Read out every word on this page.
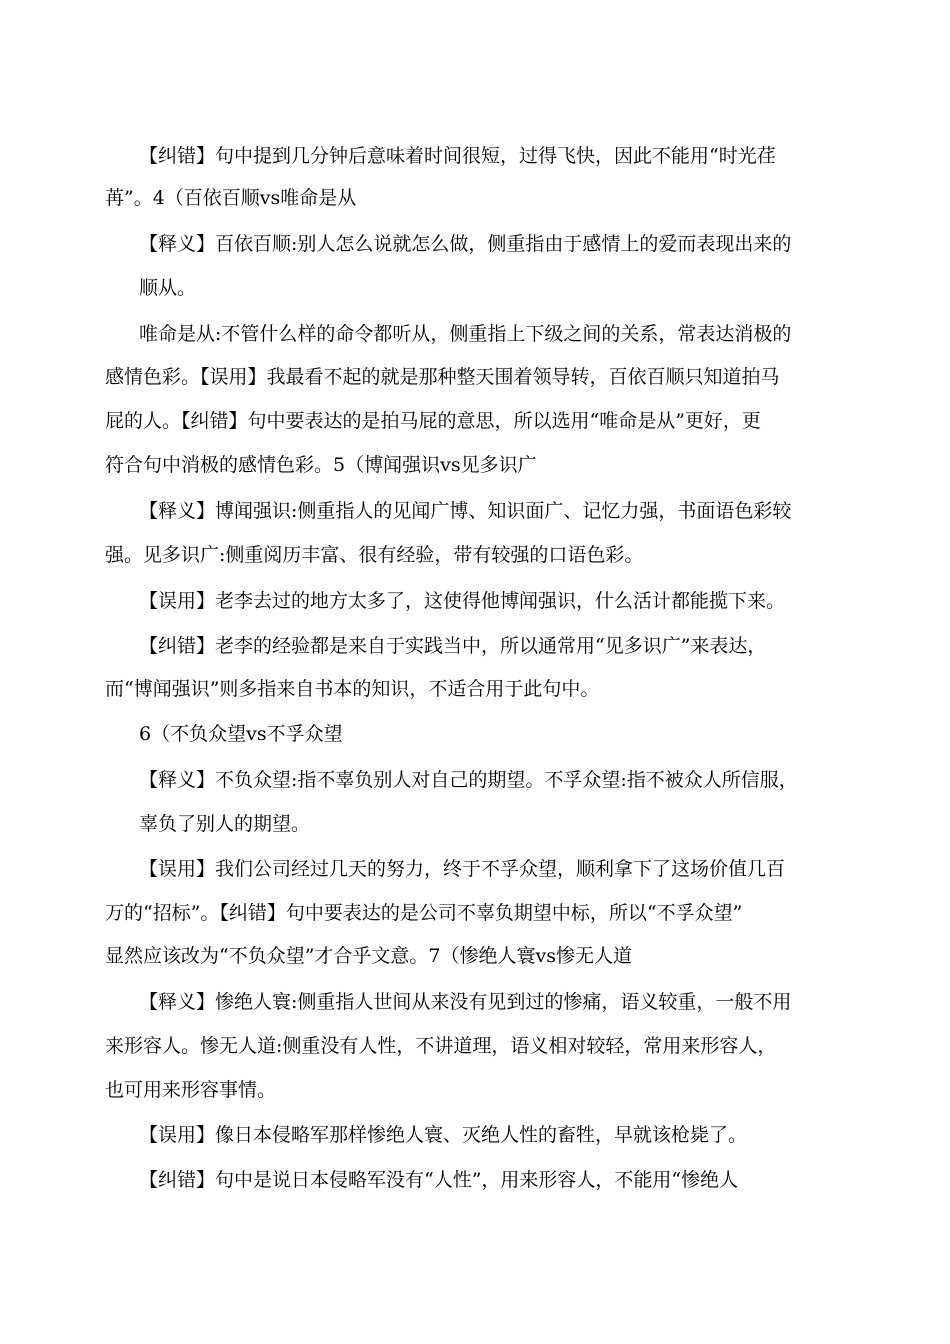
【纠错】句中提到几分钟后意味着时间很短，过得飞快，因此不能用“时光荏
苒”。4（百依百顺vs唯命是从
【释义】百依百顺:别人怎么说就怎么做，侧重指由于感情上的爱而表现出来的
顺从。
唯命是从:不管什么样的命令都听从，侧重指上下级之间的关系，常表达消极的
感情色彩。【误用】我最看不起的就是那种整天围着领导转，百依百顺只知道拍马
屁的人。【纠错】句中要表达的是拍马屁的意思，所以选用“唯命是从”更好，更
符合句中消极的感情色彩。5（博闻强识vs见多识广
【释义】博闻强识:侧重指人的见闻广博、知识面广、记忆力强，书面语色彩较
强。见多识广:侧重阅历丰富、很有经验，带有较强的口语色彩。
【误用】老李去过的地方太多了，这使得他博闻强识，什么活计都能揽下来。
【纠错】老李的经验都是来自于实践当中，所以通常用“见多识广”来表达，
而“博闻强识”则多指来自书本的知识，不适合用于此句中。
6（不负众望vs不孚众望
【释义】不负众望:指不辜负别人对自己的期望。不孚众望:指不被众人所信服，
辜负了别人的期望。
【误用】我们公司经过几天的努力，终于不孚众望，顺利拿下了这场价值几百
万的“招标”。【纠错】句中要表达的是公司不辜负期望中标，所以“不孚众望”
显然应该改为“不负众望”才合乎文意。7（惨绝人寰vs惨无人道
【释义】惨绝人寰:侧重指人世间从来没有见到过的惨痛，语义较重，一般不用
来形容人。惨无人道:侧重没有人性，不讲道理，语义相对较轻，常用来形容人，
也可用来形容事情。
【误用】像日本侵略军那样惨绝人寰、灭绝人性的畜牲，早就该枪毙了。
【纠错】句中是说日本侵略军没有“人性”，用来形容人，不能用“惨绝人
